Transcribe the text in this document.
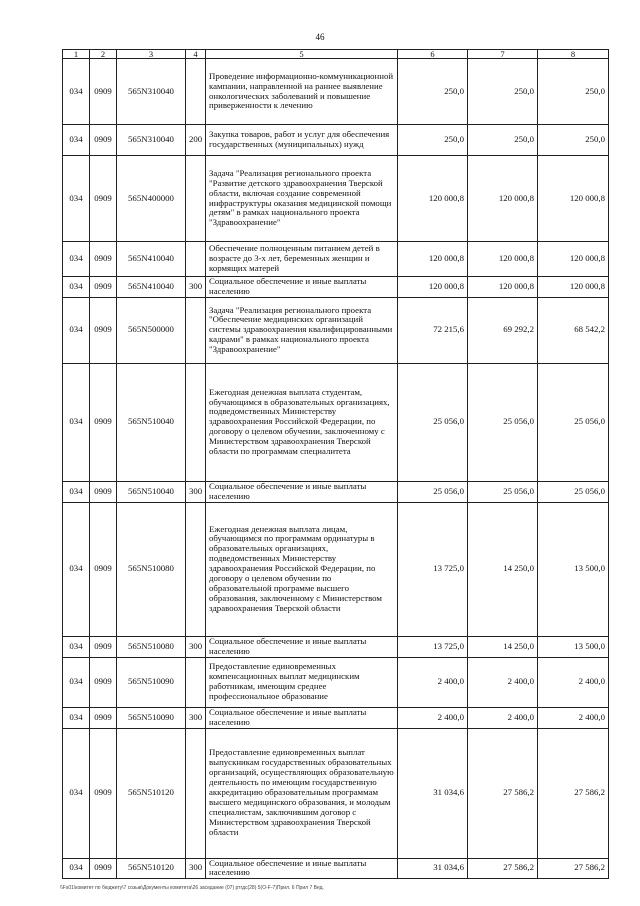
46
1	2	3	4	5	6	7	8
034	0909	565N310040		Проведение информационно-коммуникационной кампании, направленной на раннее выявление онкологических заболеваний и повышение приверженности к лечению	250,0	250,0	250,0
034	0909	565N310040	200	Закупка товаров, работ и услуг для обеспечения государственных (муниципальных) нужд	250,0	250,0	250,0
034	0909	565N400000		Задача "Реализация регионального проекта "Развитие детского здравоохранения Тверской области, включая создание современной инфраструктуры оказания медицинской помощи детям" в рамках национального проекта "Здравоохранение"	120 000,8	120 000,8	120 000,8
034	0909	565N410040		Обеспечение полноценным питанием детей в возрасте до 3-х лет, беременных женщин и кормящих матерей	120 000,8	120 000,8	120 000,8
034	0909	565N410040	300	Социальное обеспечение и иные выплаты населению	120 000,8	120 000,8	120 000,8
034	0909	565N500000		Задача "Реализация регионального проекта "Обеспечение медицинских организаций системы здравоохранения квалифицированными кадрами" в рамках национального проекта "Здравоохранение"	72 215,6	69 292,2	68 542,2
034	0909	565N510040		Ежегодная денежная выплата студентам, обучающимся в образовательных организациях, подведомственных Министерству здравоохранения Российской Федерации, по договору о целевом обучении, заключенному с Министерством здравоохранения Тверской области по программам специалитета	25 056,0	25 056,0	25 056,0
034	0909	565N510040	300	Социальное обеспечение и иные выплаты населению	25 056,0	25 056,0	25 056,0
034	0909	565N510080		Ежегодная денежная выплата лицам, обучающимся по программам ординатуры в образовательных организациях, подведомственных Министерству здравоохранения Российской Федерации, по договору о целевом обучении по образовательной программе высшего образования, заключенному с Министерством здравоохранения Тверской области	13 725,0	14 250,0	13 500,0
034	0909	565N510080	300	Социальное обеспечение и иные выплаты населению	13 725,0	14 250,0	13 500,0
034	0909	565N510090		Предоставление единовременных компенсационных выплат медицинским работникам, имеющим среднее профессиональное образование	2 400,0	2 400,0	2 400,0
034	0909	565N510090	300	Социальное обеспечение и иные выплаты населению	2 400,0	2 400,0	2 400,0
034	0909	565N510120		Предоставление единовременных выплат выпускникам государственных образовательных организаций, осуществляющих образовательную деятельность по имеющим государственную аккредитацию образовательным программам высшего медицинского образования, и молодым специалистам, заключившим договор с Министерством здравоохранения Тверской области	31 034,6	27 586,2	27 586,2
034	0909	565N510120	300	Социальное обеспечение и иные выплаты населению	31 034,6	27 586,2	27 586,2
\\Fs01\комитет по бюджету\7 созыв\Документы комитета\26 заседание (07) ртгдс(28) 5(О-F-7)Прил. 6 Прил 7 Вед.
